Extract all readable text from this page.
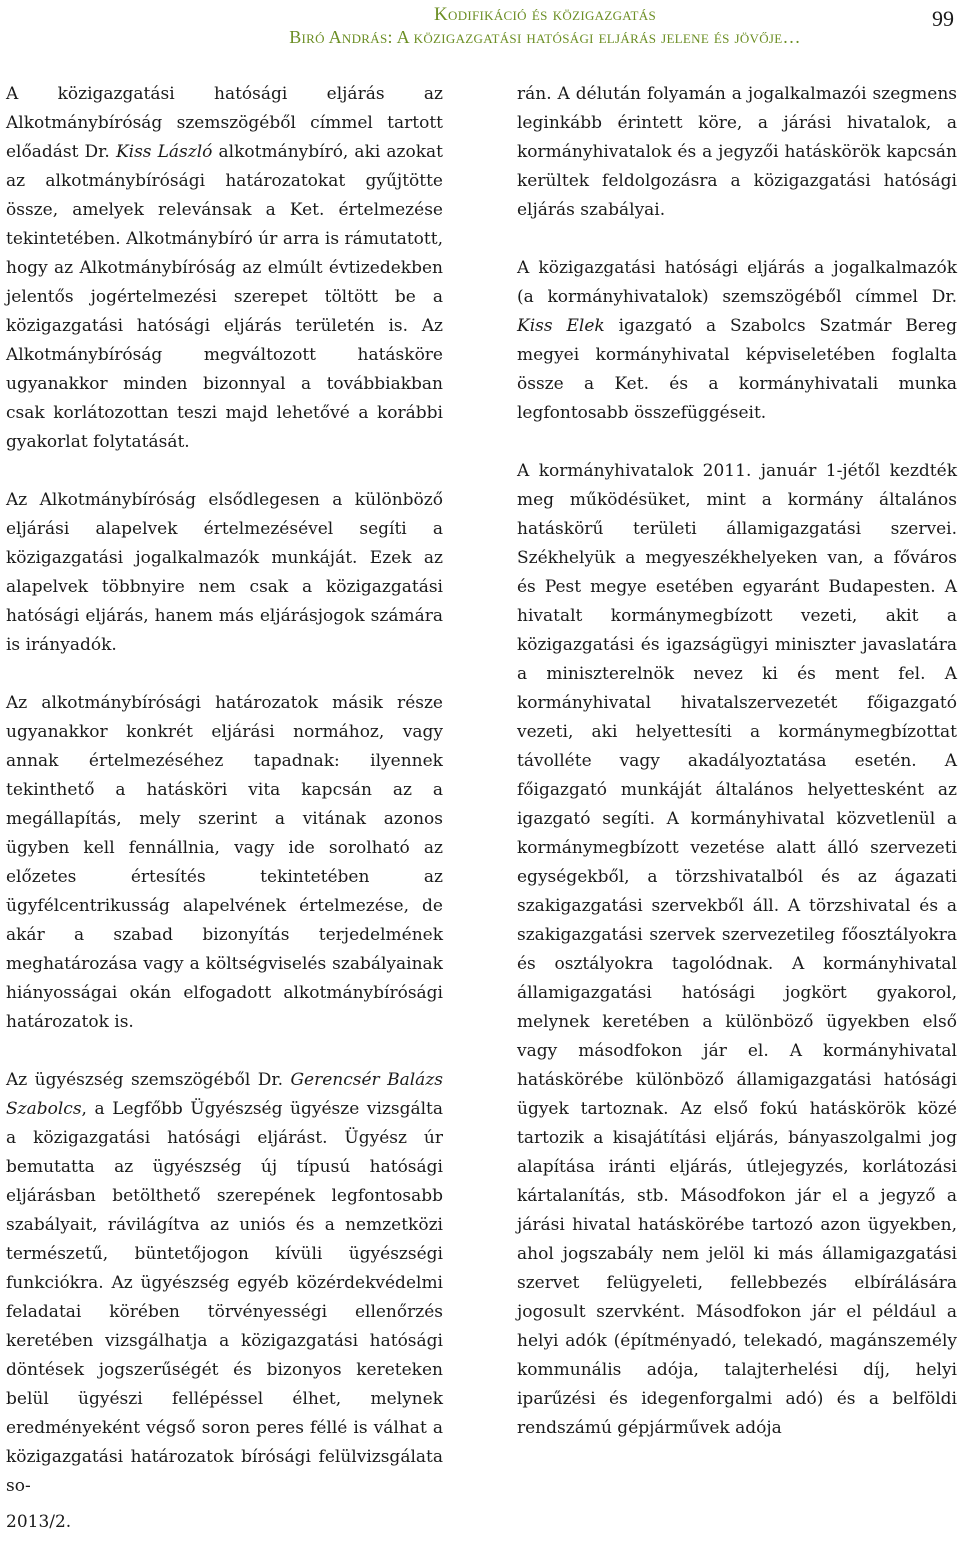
Kodifikáció és közigazgatás
Biró András: A közigazgatási hatósági eljárás jelene és jövője…
99

A közigazgatási hatósági eljárás az Alkotmánybíróság szemszögéből címmel tartott előadást Dr. Kiss László alkotmánybíró, aki azokat az alkotmánybírósági határozatokat gyűjtötte össze, amelyek relevánsak a Ket. értelmezése tekintetében. Alkotmánybíró úr arra is rámutatott, hogy az Alkotmánybíróság az elmúlt évtizedekben jelentős jogértelmezési szerepet töltött be a közigazgatási hatósági eljárás területén is. Az Alkotmánybíróság megváltozott hatásköre ugyanakkor minden bizonnyal a továbbiakban csak korlátozottan teszi majd lehetővé a korábbi gyakorlat folytatását.

Az Alkotmánybíróság elsődlegesen a különböző eljárási alapelvek értelmezésével segíti a közigazgatási jogalkalmazók munkáját. Ezek az alapelvek többnyire nem csak a közigazgatási hatósági eljárás, hanem más eljárásjogok számára is irányadók.

Az alkotmánybírósági határozatok másik része ugyanakkor konkrét eljárási normához, vagy annak értelmezéséhez tapadnak: ilyennek tekinthető a hatásköri vita kapcsán az a megállapítás, mely szerint a vitának azonos ügyben kell fennállnia, vagy ide sorolható az előzetes értesítés tekintetében az ügyfélcentrikusság alapelvének értelmezése, de akár a szabad bizonyítás terjedelmének meghatározása vagy a költségviselés szabályainak hiányosságai okán elfogadott alkotmánybírósági határozatok is.

Az ügyészség szemszögéből Dr. Gerencsér Balázs Szabolcs, a Legfőbb Ügyészség ügyésze vizsgálta a közigazgatási hatósági eljárást. Ügyész úr bemutatta az ügyészség új típusú hatósági eljárásban betölthető szerepének legfontosabb szabályait, rávilágítva az uniós és a nemzetközi természetű, büntetőjogon kívüli ügyészségi funkciókra. Az ügyészség egyéb közérdekvédelmi feladatai körében törvényességi ellenőrzés keretében vizsgálhatja a közigazgatási hatósági döntések jogszerűségét és bizonyos kereteken belül ügyészi fellépéssel élhet, melynek eredményeként végső soron peres féllé is válhat a közigazgatási határozatok bírósági felülvizsgálata so-

rán. A délután folyamán a jogalkalmazói szegmens leginkább érintett köre, a járási hivatalok, a kormányhivatalok és a jegyzői hatáskörök kapcsán kerültek feldolgozásra a közigazgatási hatósági eljárás szabályai.

A közigazgatási hatósági eljárás a jogalkalmazók (a kormányhivatalok) szemszögéből címmel Dr. Kiss Elek igazgató a Szabolcs Szatmár Bereg megyei kormányhivatal képviseletében foglalta össze a Ket. és a kormányhivatali munka legfontosabb összefüggéseit.

A kormányhivatalok 2011. január 1-jétől kezdték meg működésüket, mint a kormány általános hatáskörű területi államigazgatási szervei. Székhelyük a megyeszékhelyeken van, a főváros és Pest megye esetében egyaránt Budapesten. A hivatalt kormánymegbízott vezeti, akit a közigazgatási és igazságügyi miniszter javaslatára a miniszterelnök nevez ki és ment fel. A kormányhivatal hivatalszervezetét főigazgató vezeti, aki helyettesíti a kormánymegbízottat távolléte vagy akadályoztatása esetén. A főigazgató munkáját általános helyettesként az igazgató segíti. A kormányhivatal közvetlenül a kormánymegbízott vezetése alatt álló szervezeti egységekből, a törzshivatalból és az ágazati szakigazgatási szervekből áll. A törzshivatal és a szakigazgatási szervek szervezetileg főosztályokra és osztályokra tagolódnak. A kormányhivatal államigazgatási hatósági jogkört gyakorol, melynek keretében a különböző ügyekben első vagy másodfokon jár el. A kormányhivatal hatáskörébe különböző államigazgatási hatósági ügyek tartoznak. Az első fokú hatáskörök közé tartozik a kisajátítási eljárás, bányaszolgalmi jog alapítása iránti eljárás, útlejegyzés, korlátozási kártalanítás, stb. Másodfokon jár el a jegyző a járási hivatal hatáskörébe tartozó azon ügyekben, ahol jogszabály nem jelöl ki más államigazgatási szervet felügyeleti, fellebbezés elbírálására jogosult szervként. Másodfokon jár el például a helyi adók (építményadó, telekadó, magánszemély kommunális adója, talajterhelési díj, helyi iparűzési és idegenforgalmi adó) és a belföldi rendszámú gépjárművek adója

2013/2.
